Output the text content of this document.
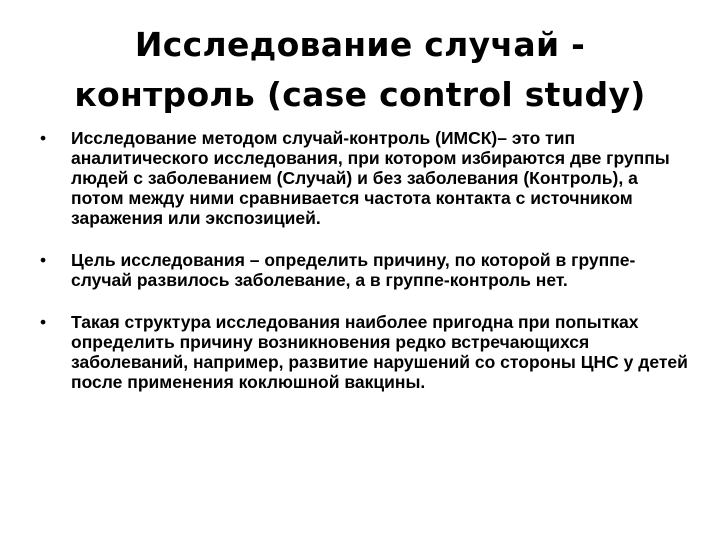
Исследование случай -
контроль (case control study)
• Исследование методом случай-контроль (ИМСК)– это тип аналитического исследования, при котором избираются две группы людей с заболеванием (Случай) и без заболевания (Контроль), а потом между ними сравнивается частота контакта с источником заражения или экспозицией.
• Цель исследования – определить причину, по которой в группе-случай развилось заболевание, а в группе-контроль нет.
• Такая структура исследования наиболее пригодна при попытках определить причину возникновения редко встречающихся заболеваний, например, развитие нарушений со стороны ЦНС у детей после применения коклюшной вакцины.
